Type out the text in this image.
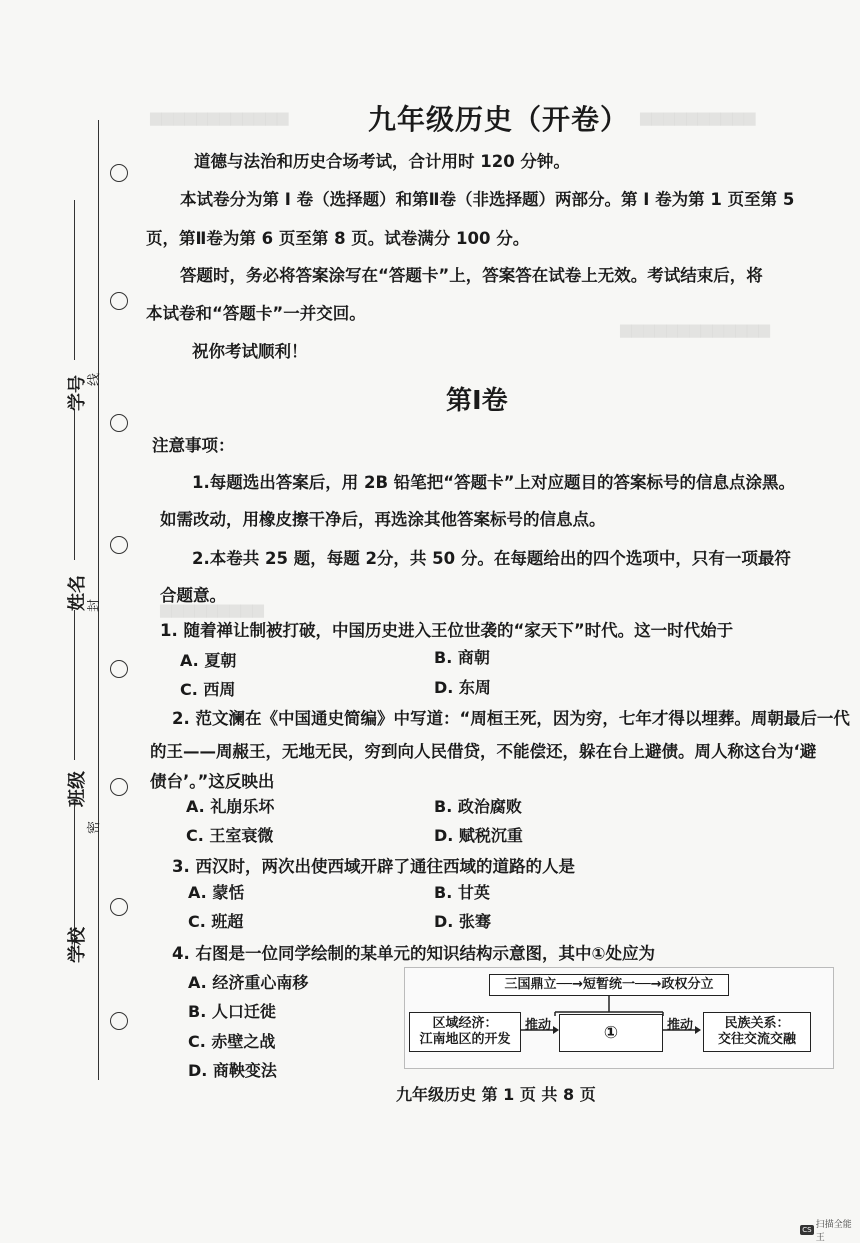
▆▆▆▆▆▆▆▆▆▆▆▆	▆▆▆▆▆▆▆▆▆▆
▆▆▆▆▆▆▆▆▆▆▆▆▆
▆▆▆▆▆▆▆▆▆
学号
姓名
班级
学校
线
封
密
九年级历史（开卷）
道德与法治和历史合场考试，合计用时 120 分钟。
本试卷分为第 I 卷（选择题）和第Ⅱ卷（非选择题）两部分。第 I 卷为第 1 页至第 5
页，第Ⅱ卷为第 6 页至第 8 页。试卷满分 100 分。
答题时，务必将答案涂写在“答题卡”上，答案答在试卷上无效。考试结束后，将
本试卷和“答题卡”一并交回。
祝你考试顺利！
第Ⅰ卷
注意事项：
1.每题选出答案后，用 2B 铅笔把“答题卡”上对应题目的答案标号的信息点涂黑。
如需改动，用橡皮擦干净后，再选涂其他答案标号的信息点。
2.本卷共 25 题，每题 2分，共 50 分。在每题给出的四个选项中，只有一项最符
合题意。
1. 随着禅让制被打破，中国历史进入王位世袭的“家天下”时代。这一时代始于
A. 夏朝	B. 商朝
C. 西周	D. 东周
2. 范文澜在《中国通史简编》中写道：“周桓王死，因为穷，七年才得以埋葬。周朝最后一代
的王——周赧王，无地无民，穷到向人民借贷，不能偿还，躲在台上避债。周人称这台为‘避
债台’。”这反映出
A. 礼崩乐坏	B. 政治腐败
C. 王室衰微	D. 赋税沉重
3. 西汉时，两次出使西域开辟了通往西域的道路的人是
A. 蒙恬	B. 甘英
C. 班超	D. 张骞
4. 右图是一位同学绘制的某单元的知识结构示意图，其中①处应为
A. 经济重心南移
B. 人口迁徙
C. 赤壁之战
D. 商鞅变法
三国鼎立──→短暂统一──→政权分立
区域经济：
江南地区的开发	①	民族关系：
交往交流交融
推动	推动
九年级历史 第 1 页 共 8 页
CS 扫描全能王
